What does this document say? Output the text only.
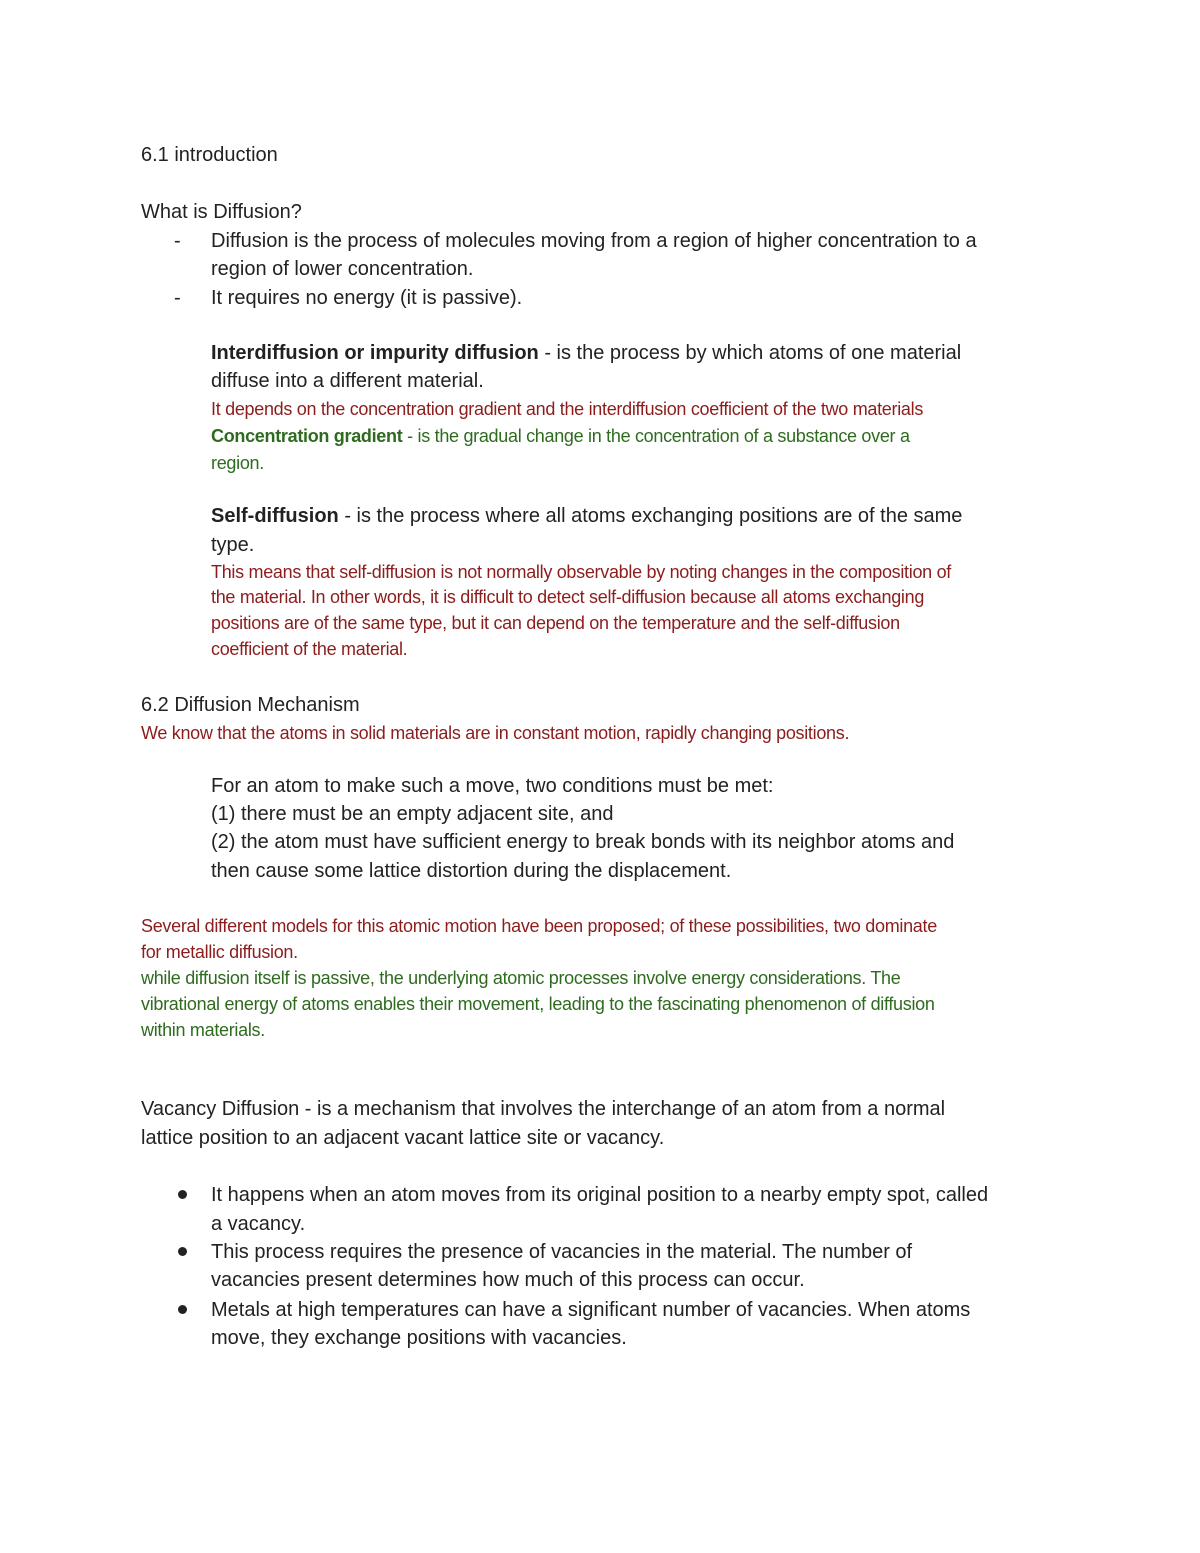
6.1 introduction
What is Diffusion?
- Diffusion is the process of molecules moving from a region of higher concentration to a
region of lower concentration.
- It requires no energy (it is passive).
Interdiffusion or impurity diffusion - is the process by which atoms of one material
diffuse into a different material.
It depends on the concentration gradient and the interdiffusion coefficient of the two materials
Concentration gradient - is the gradual change in the concentration of a substance over a
region.
Self-diffusion - is the process where all atoms exchanging positions are of the same
type.
This means that self-diffusion is not normally observable by noting changes in the composition of
the material. In other words, it is difficult to detect self-diffusion because all atoms exchanging
positions are of the same type, but it can depend on the temperature and the self-diffusion
coefficient of the material.
6.2 Diffusion Mechanism
We know that the atoms in solid materials are in constant motion, rapidly changing positions.
For an atom to make such a move, two conditions must be met:
(1) there must be an empty adjacent site, and
(2) the atom must have sufficient energy to break bonds with its neighbor atoms and
then cause some lattice distortion during the displacement.
Several different models for this atomic motion have been proposed; of these possibilities, two dominate
for metallic diffusion.
while diffusion itself is passive, the underlying atomic processes involve energy considerations. The
vibrational energy of atoms enables their movement, leading to the fascinating phenomenon of diffusion
within materials.
Vacancy Diffusion - is a mechanism that involves the interchange of an atom from a normal
lattice position to an adjacent vacant lattice site or vacancy.
It happens when an atom moves from its original position to a nearby empty spot, called
a vacancy.
This process requires the presence of vacancies in the material. The number of
vacancies present determines how much of this process can occur.
Metals at high temperatures can have a significant number of vacancies. When atoms
move, they exchange positions with vacancies.
